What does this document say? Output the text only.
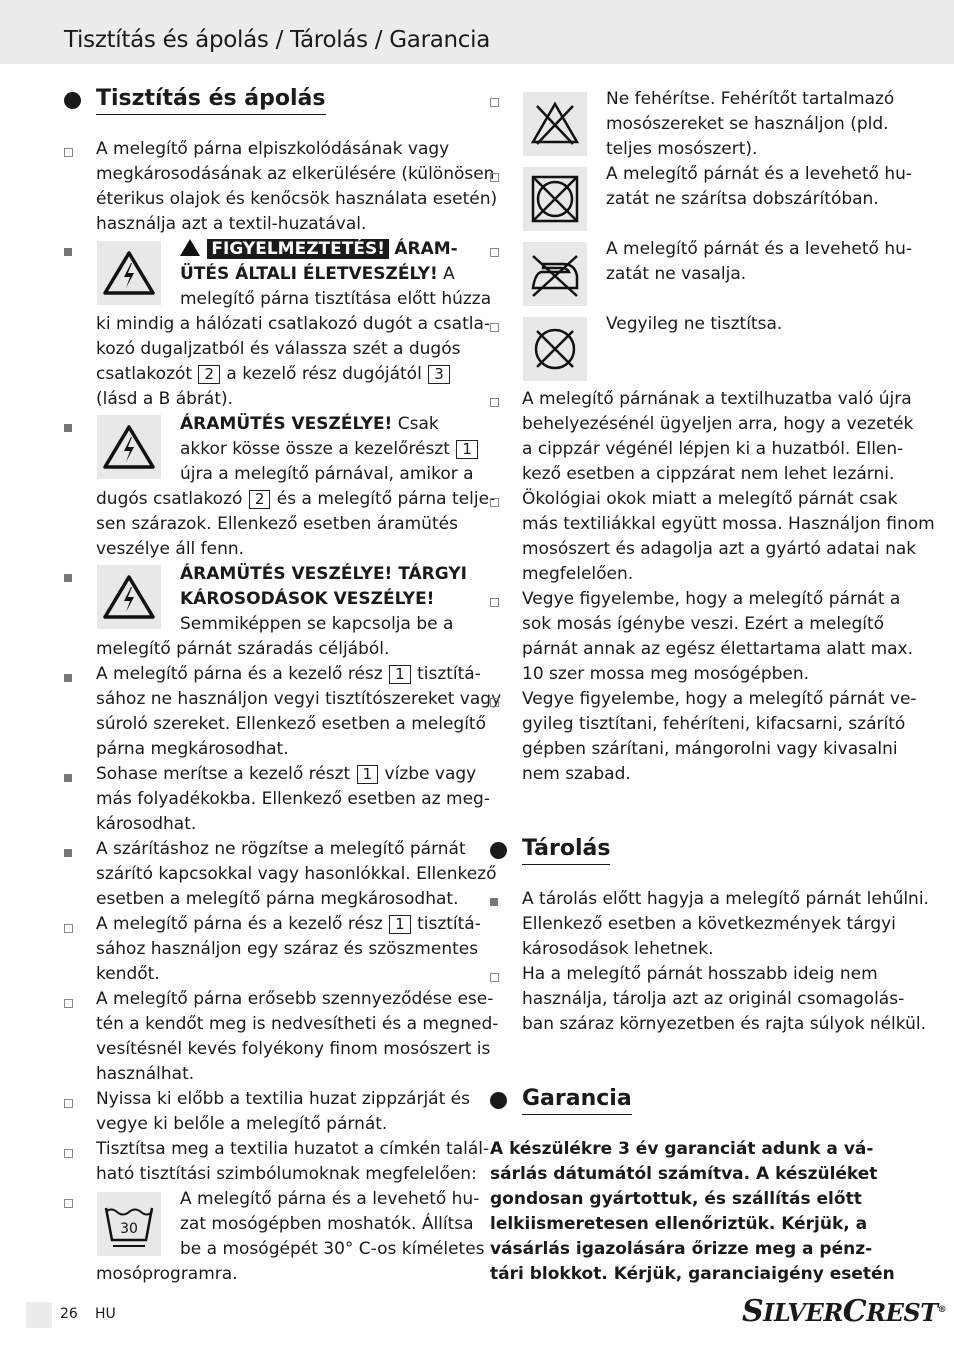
Tisztítás és ápolás / Tárolás / Garancia
Tisztítás és ápolás
A melegítő párna elpiszkolódásának vagy
megkárosodásának az elkerülésére (különösen
éterikus olajok és kenőcsök használata esetén)
használja azt a textil-huzatával.
FIGYELMEZTETÉS! ÁRAM-
ÜTÉS ÁLTALI ÉLETVESZÉLY! A
melegítő párna tisztítása előtt húzza
ki mindig a hálózati csatlakozó dugót a csatla-
kozó dugaljzatból és válassza szét a dugós
csatlakozót 2 a kezelő rész dugójától 3
(lásd a B ábrát).
ÁRAMÜTÉS VESZÉLYE! Csak
akkor kösse össze a kezelőrészt 1
újra a melegítő párnával, amikor a
dugós csatlakozó 2 és a melegítő párna telje-
sen szárazok. Ellenkező esetben áramütés
veszélye áll fenn.
ÁRAMÜTÉS VESZÉLYE! TÁRGYI
KÁROSODÁSOK VESZÉLYE!
Semmiképpen se kapcsolja be a
melegítő párnát száradás céljából.
A melegítő párna és a kezelő rész 1 tisztítá-
sához ne használjon vegyi tisztítószereket vagy
súroló szereket. Ellenkező esetben a melegítő
párna megkárosodhat.
Sohase merítse a kezelő részt 1 vízbe vagy
más folyadékokba. Ellenkező esetben az meg-
károsodhat.
A szárításhoz ne rögzítse a melegítő párnát
szárító kapcsokkal vagy hasonlókkal. Ellenkező
esetben a melegítő párna megkárosodhat.
A melegítő párna és a kezelő rész 1 tisztítá-
sához használjon egy száraz és szöszmentes
kendőt.
A melegítő párna erősebb szennyeződése ese-
tén a kendőt meg is nedvesítheti és a megned-
vesítésnél kevés folyékony finom mosószert is
használhat.
Nyissa ki előbb a textilia huzat zippzárját és
vegye ki belőle a melegítő párnát.
Tisztítsa meg a textilia huzatot a címkén talál-
ható tisztítási szimbólumoknak megfelelően:
30
A melegítő párna és a levehető hu-
zat mosógépben moshatók. Állítsa
be a mosógépét 30° C-os kíméletes
mosóprogramra.
Ne fehérítse. Fehérítőt tartalmazó
mosószereket se használjon (pld.
teljes mosószert).
A melegítő párnát és a levehető hu-
zatát ne szárítsa dobszárítóban.
A melegítő párnát és a levehető hu-
zatát ne vasalja.
Vegyileg ne tisztítsa.
A melegítő párnának a textilhuzatba való újra
behelyezésénél ügyeljen arra, hogy a vezeték
a cippzár végénél lépjen ki a huzatból. Ellen-
kező esetben a cippzárat nem lehet lezárni.
Ökológiai okok miatt a melegítő párnát csak
más textiliákkal együtt mossa. Használjon finom
mosószert és adagolja azt a gyártó adatai nak
megfelelően.
Vegye figyelembe, hogy a melegítő párnát a
sok mosás ígénybe veszi. Ezért a melegítő
párnát annak az egész élettartama alatt max.
10 szer mossa meg mosógépben.
Vegye figyelembe, hogy a melegítő párnát ve-
gyileg tisztítani, fehéríteni, kifacsarni, szárító
gépben szárítani, mángorolni vagy kivasalni
nem szabad.
Tárolás
A tárolás előtt hagyja a melegítő párnát lehűlni.
Ellenkező esetben a következmények tárgyi
károsodások lehetnek.
Ha a melegítő párnát hosszabb ideig nem
használja, tárolja azt az originál csomagolás-
ban száraz környezetben és rajta súlyok nélkül.
Garancia
A készülékre 3 év garanciát adunk a vá-
sárlás dátumától számítva. A készüléket
gondosan gyártottuk, és szállítás előtt
lelkiismeretesen ellenőriztük. Kérjük, a
vásárlás igazolására őrizze meg a pénz-
tári blokkot. Kérjük, garanciaigény esetén
26 HU	SILVERCREST®
